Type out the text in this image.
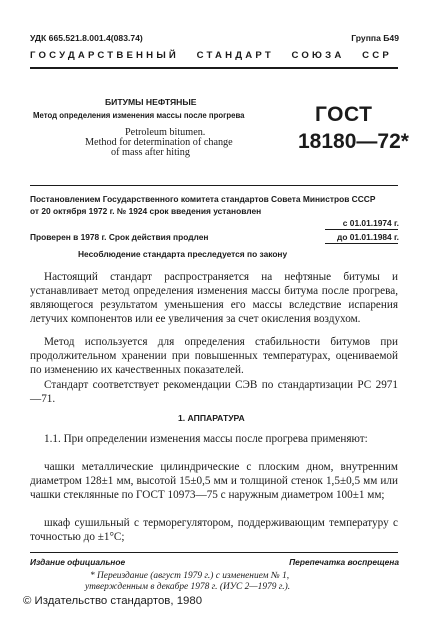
УДК 665.521.8.001.4(083.74)	Группа Б49
ГОСУДАРСТВЕННЫЙ   СТАНДАРТ   СОЮЗА   ССР
БИТУМЫ НЕФТЯНЫЕ
Метод определения изменения массы после прогрева
Petroleum bitumen.
Method for determination of change
of mass after hiting
ГОСТ
18180—72*
Постановлением Государственного комитета стандартов Совета Министров СССР
от 20 октября 1972 г. № 1924 срок введения установлен
с 01.01.1974 г.
Проверен в 1978 г. Срок действия продлен	до 01.01.1984 г.
Несоблюдение стандарта преследуется по закону
Настоящий стандарт распространяется на нефтяные битумы и устанавливает метод определения изменения массы битума после прогрева, являющегося результатом уменьшения его массы вследствие испарения летучих компонентов или ее увеличения за счет окисления воздухом.
Метод используется для определения стабильности битумов при продолжительном хранении при повышенных температурах, оцениваемой по изменению их качественных показателей.
Стандарт соответствует рекомендации СЭВ по стандартизации РС 2971—71.
1. АППАРАТУРА
1.1. При определении изменения массы после прогрева применяют:
чашки металлические цилиндрические с плоским дном, внутренним диаметром 128±1 мм, высотой 15±0,5 мм и толщиной стенок 1,5±0,5 мм или чашки стеклянные по ГОСТ 10973—75 с наружным диаметром 100±1 мм;
шкаф сушильный с терморегулятором, поддерживающим температуру с точностью до ±1°С;
Издание официальное	Перепечатка воспрещена
* Переиздание (август 1979 г.) с изменением № 1,
утвержденным в декабре 1978 г. (ИУС 2—1979 г.).
© Издательство стандартов, 1980
